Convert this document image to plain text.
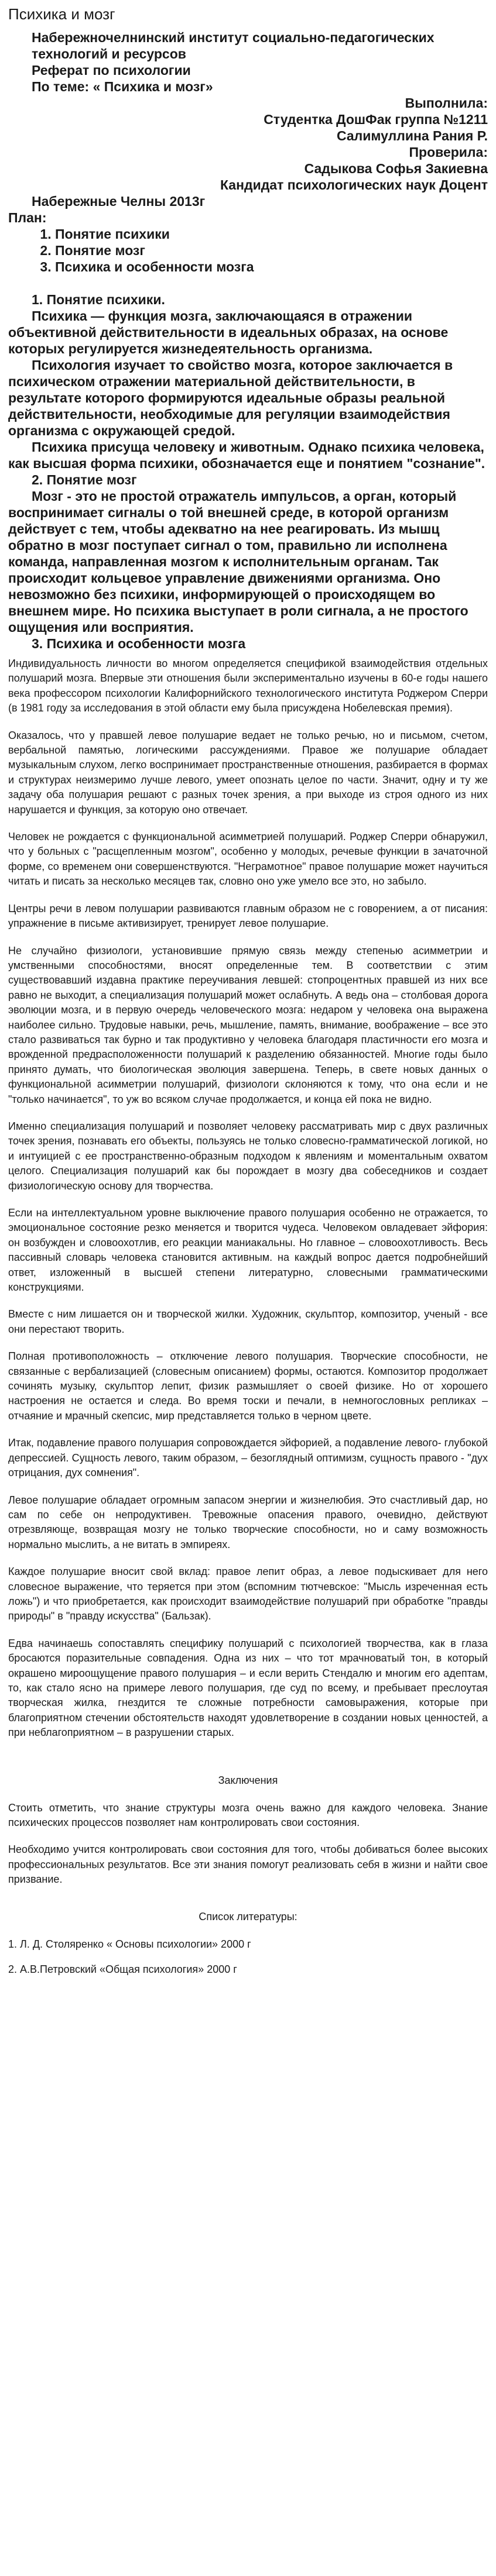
Психика и мозг
Набережночелнинский институт социально-педагогических технологий и ресурсов
Реферат по психологии
По теме: « Психика и мозг»
Выполнила:
Студентка ДошФак группа №1211
Салимуллина Рания Р.
Проверила:
Садыкова Софья Закиевна
Кандидат психологических наук Доцент
Набережные Челны 2013г
План:
1. Понятие психики
2. Понятие мозг
3. Психика и особенности мозга

1. Понятие психики.

Психика — функция мозга, заключающаяся в отражении объективной действительности в идеальных образах, на основе которых регулируется жизнедеятельность организма.

Психология изучает то свойство мозга, которое заключается в психическом отражении материальной действительности, в результате которого формируются идеальные образы реальной действительности, необходимые для регуляции взаимодействия организма с окружающей средой.

Психика присуща человеку и животным. Однако психика человека, как высшая форма психики, обозначается еще и понятием "сознание".

2. Понятие мозг

Мозг - это не простой отражатель импульсов, а орган, который воспринимает сигналы о той внешней среде, в которой организм действует с тем, чтобы адекватно на нее реагировать. Из мышц обратно в мозг поступает сигнал о том, правильно ли исполнена команда, направленная мозгом к исполнительным органам. Так происходит кольцевое управление движениями организма. Оно невозможно без психики, информирующей о происходящем во внешнем мире. Но психика выступает в роли сигнала, а не простого ощущения или восприятия.

3. Психика и особенности мозга

Индивидуальность личности во многом определяется спецификой взаимодействия отдельных полушарий мозга. Впервые эти отношения были экспериментально изучены в 60-е годы нашего века профессором психологии Калифорнийского технологического института Роджером Сперри (в 1981 году за исследования в этой области ему была присуждена Нобелевская премия).

Оказалось, что у правшей левое полушарие ведает не только речью, но и письмом, счетом, вербальной памятью, логическими рассуждениями. Правое же полушарие обладает музыкальным слухом, легко воспринимает пространственные отношения, разбирается в формах и структурах неизмеримо лучше левого, умеет опознать целое по части. Значит, одну и ту же задачу оба полушария решают с разных точек зрения, а при выходе из строя одного из них нарушается и функция, за которую оно отвечает.

Человек не рождается с функциональной асимметрией полушарий. Роджер Сперри обнаружил, что у больных с "расщепленным мозгом", особенно у молодых, речевые функции в зачаточной форме, со временем они совершенствуются. "Неграмотное" правое полушарие может научиться читать и писать за несколько месяцев так, словно оно уже умело все это, но забыло.

Центры речи в левом полушарии развиваются главным образом не с говорением, а от писания: упражнение в письме активизирует, тренирует левое полушарие.

Не случайно физиологи, установившие прямую связь между степенью асимметрии и умственными способностями, вносят определенные тем. В соответствии с этим существовавший издавна практике переучивания левшей: стопроцентных правшей из них все равно не выходит, а специализация полушарий может ослабнуть. А ведь она – столбовая дорога эволюции мозга, и в первую очередь человеческого мозга: недаром у человека она выражена наиболее сильно. Трудовые навыки, речь, мышление, память, внимание, воображение – все это стало развиваться так бурно и так продуктивно у человека благодаря пластичности его мозга и врожденной предрасположенности полушарий к разделению обязанностей. Многие годы было принято думать, что биологическая эволюция завершена. Теперь, в свете новых данных о функциональной асимметрии полушарий, физиологи склоняются к тому, что она если и не "только начинается", то уж во всяком случае продолжается, и конца ей пока не видно.

Именно специализация полушарий и позволяет человеку рассматривать мир с двух различных точек зрения, познавать его объекты, пользуясь не только словесно-грамматической логикой, но и интуицией с ее пространственно-образным подходом к явлениям и моментальным охватом целого. Специализация полушарий как бы порождает в мозгу два собеседников и создает физиологическую основу для творчества.

Если на интеллектуальном уровне выключение правого полушария особенно не отражается, то эмоциональное состояние резко меняется и творится чудеса. Человеком овладевает эйфория: он возбужден и словоохотлив, его реакции маниакальны. Но главное – словоохотливость. Весь пассивный словарь человека становится активным. на каждый вопрос дается подробнейший ответ, изложенный в высшей степени литературно, словесными грамматическими конструкциями.

Вместе с ним лишается он и творческой жилки. Художник, скульптор, композитор, ученый - все они перестают творить.

Полная противоположность – отключение левого полушария. Творческие способности, не связанные с вербализацией (словесным описанием) формы, остаются. Композитор продолжает сочинять музыку, скульптор лепит, физик размышляет о своей физике. Но от хорошего настроения не остается и следа. Во время тоски и печали, в немногословных репликах – отчаяние и мрачный скепсис, мир представляется только в черном цвете.

Итак, подавление правого полушария сопровождается эйфорией, а подавление левого- глубокой депрессией. Сущность левого, таким образом, – безоглядный оптимизм, сущность правого - "дух отрицания, дух сомнения".

Левое полушарие обладает огромным запасом энергии и жизнелюбия. Это счастливый дар, но сам по себе он непродуктивен. Тревожные опасения правого, очевидно, действуют отрезвляюще, возвращая мозгу не только творческие способности, но и саму возможность нормально мыслить, а не витать в эмпиреях.

Каждое полушарие вносит свой вклад: правое лепит образ, а левое подыскивает для него словесное выражение, что теряется при этом (вспомним тютчевское: "Мысль изреченная есть ложь") и что приобретается, как происходит взаимодействие полушарий при обработке "правды природы" в "правду искусства" (Бальзак).

Едва начинаешь сопоставлять специфику полушарий с психологией творчества, как в глаза бросаются поразительные совпадения. Одна из них – что тот мрачноватый тон, в который окрашено мироощущение правого полушария – и если верить Стендалю и многим его адептам, то, как стало ясно на примере левого полушария, где суд по всему, и пребывает преслоутая творческая жилка, гнездится те сложные потребности самовыражения, которые при благоприятном стечении обстоятельств находят удовлетворение в создании новых ценностей, а при неблагоприятном – в разрушении старых.

Заключения

Стоить отметить, что знание структуры мозга очень важно для каждого человека. Знание психических процессов позволяет нам контролировать свои состояния.

Необходимо учится контролировать свои состояния для того, чтобы добиваться более высоких профессиональных результатов. Все эти знания помогут реализовать себя в жизни и найти свое призвание.

Список литературы:

1. Л. Д. Столяренко « Основы психологии» 2000 г

2. А.В.Петровский «Общая психология» 2000 г
